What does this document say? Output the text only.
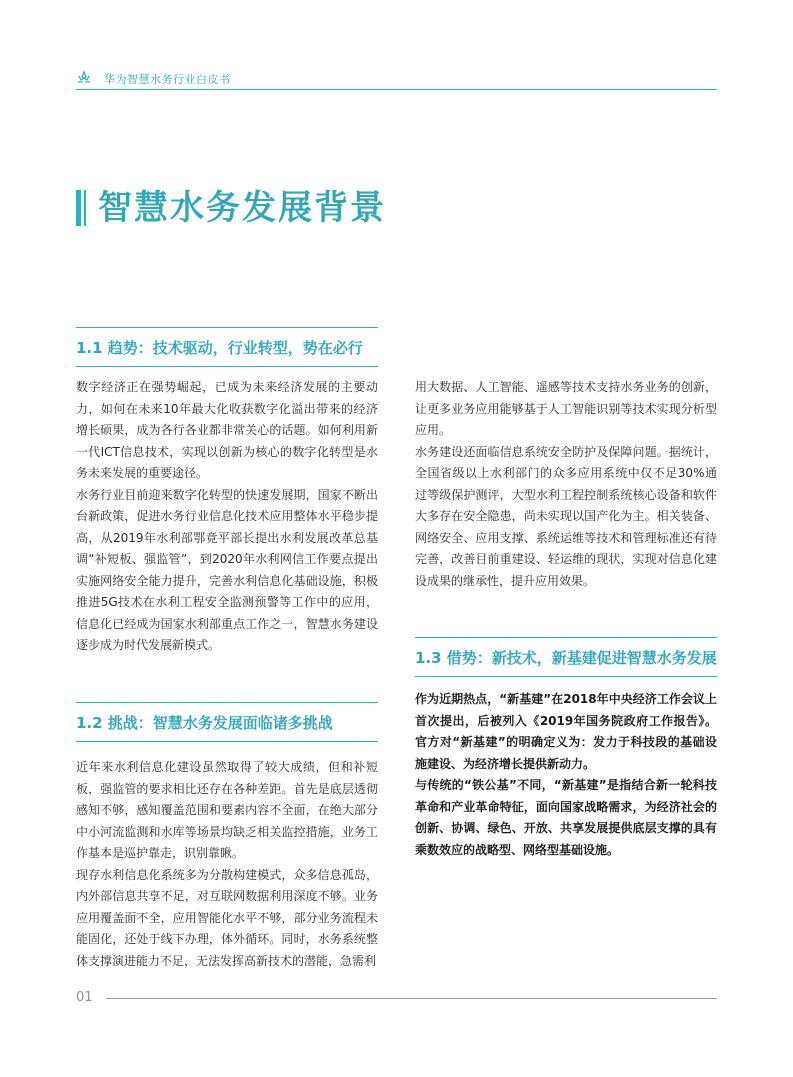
华为智慧水务行业白皮书
智慧水务发展背景
1.1 趋势：技术驱动，行业转型，势在必行

数字经济正在强势崛起，已成为未来经济发展的主要动力，如何在未来10年最大化收获数字化溢出带来的经济增长硕果，成为各行各业都非常关心的话题。如何利用新一代ICT信息技术，实现以创新为核心的数字化转型是水务未来发展的重要途径。

水务行业目前迎来数字化转型的快速发展期，国家不断出台新政策，促进水务行业信息化技术应用整体水平稳步提高，从2019年水利部鄂竟平部长提出水利发展改革总基调“补短板、强监管”，到2020年水利网信工作要点提出实施网络安全能力提升，完善水利信息化基础设施，积极推进5G技术在水利工程安全监测预警等工作中的应用，信息化已经成为国家水利部重点工作之一，智慧水务建设逐步成为时代发展新模式。

1.2 挑战：智慧水务发展面临诸多挑战

近年来水利信息化建设虽然取得了较大成绩，但和补短板，强监管的要求相比还存在各种差距。首先是底层透彻感知不够，感知覆盖范围和要素内容不全面，在绝大部分中小河流监测和水库等场景均缺乏相关监控措施，业务工作基本是巡护靠走，识别靠瞅。

现存水利信息化系统多为分散构建模式，众多信息孤岛，内外部信息共享不足，对互联网数据利用深度不够。业务应用覆盖面不全，应用智能化水平不够，部分业务流程未能固化，还处于线下办理，体外循环。同时，水务系统整体支撑演进能力不足，无法发挥高新技术的潜能，急需利

用大数据、人工智能、遥感等技术支持水务业务的创新，让更多业务应用能够基于人工智能识别等技术实现分析型应用。

水务建设还面临信息系统安全防护及保障问题。据统计，全国省级以上水利部门的众多应用系统中仅不足30%通过等级保护测评，大型水利工程控制系统核心设备和软件大多存在安全隐患，尚未实现以国产化为主。相关装备、网络安全、应用支撑、系统运维等技术和管理标准还有待完善，改善目前重建设、轻运维的现状，实现对信息化建设成果的继承性，提升应用效果。

1.3 借势：新技术，新基建促进智慧水务发展

作为近期热点，“新基建”在2018年中央经济工作会议上首次提出，后被列入《2019年国务院政府工作报告》。官方对“新基建”的明确定义为：发力于科技段的基础设施建设、为经济增长提供新动力。

与传统的“铁公基”不同，“新基建”是指结合新一轮科技革命和产业革命特征，面向国家战略需求，为经济社会的创新、协调、绿色、开放、共享发展提供底层支撑的具有乘数效应的战略型、网络型基础设施。

01
